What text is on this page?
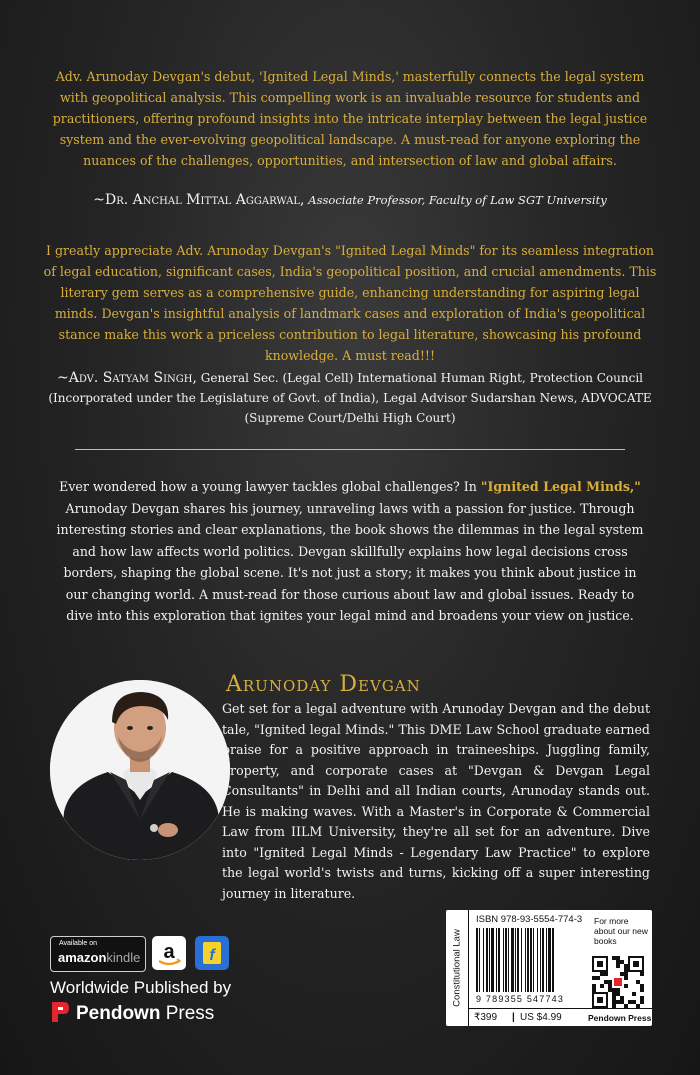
Adv. Arunoday Devgan's debut, 'Ignited Legal Minds,' masterfully connects the legal system with geopolitical analysis. This compelling work is an invaluable resource for students and practitioners, offering profound insights into the intricate interplay between the legal justice system and the ever-evolving geopolitical landscape. A must-read for anyone exploring the nuances of the challenges, opportunities, and intersection of law and global affairs.
~Dr. Anchal Mittal Aggarwal, Associate Professor, Faculty of Law SGT University
I greatly appreciate Adv. Arunoday Devgan's "Ignited Legal Minds" for its seamless integration of legal education, significant cases, India's geopolitical position, and crucial amendments. This literary gem serves as a comprehensive guide, enhancing understanding for aspiring legal minds. Devgan's insightful analysis of landmark cases and exploration of India's geopolitical stance make this work a priceless contribution to legal literature, showcasing his profound knowledge. A must read!!!
~Adv. Satyam Singh, General Sec. (Legal Cell) International Human Right, Protection Council (Incorporated under the Legislature of Govt. of India), Legal Advisor Sudarshan News, ADVOCATE (Supreme Court/Delhi High Court)
Ever wondered how a young lawyer tackles global challenges? In "Ignited Legal Minds," Arunoday Devgan shares his journey, unraveling laws with a passion for justice. Through interesting stories and clear explanations, the book shows the dilemmas in the legal system and how law affects world politics. Devgan skillfully explains how legal decisions cross borders, shaping the global scene. It's not just a story; it makes you think about justice in our changing world. A must-read for those curious about law and global issues. Ready to dive into this exploration that ignites your legal mind and broadens your view on justice.
Arunoday Devgan
Get set for a legal adventure with Arunoday Devgan and the debut tale, "Ignited legal Minds." This DME Law School graduate earned praise for a positive approach in traineeships. Juggling family, property, and corporate cases at "Devgan & Devgan Legal Consultants" in Delhi and all Indian courts, Arunoday stands out. He is making waves. With a Master's in Corporate & Commercial Law from IILM University, they're all set for an adventure. Dive into "Ignited Legal Minds - Legendary Law Practice" to explore the legal world's twists and turns, kicking off a super interesting journey in literature.
Available on
amazonkindle a f
Worldwide Published by
Pendown Press
Constitutional Law
ISBN 978-93-5554-774-3
9 789355 547743
For more about our new books
₹399 | US $4.99	Pendown Press
